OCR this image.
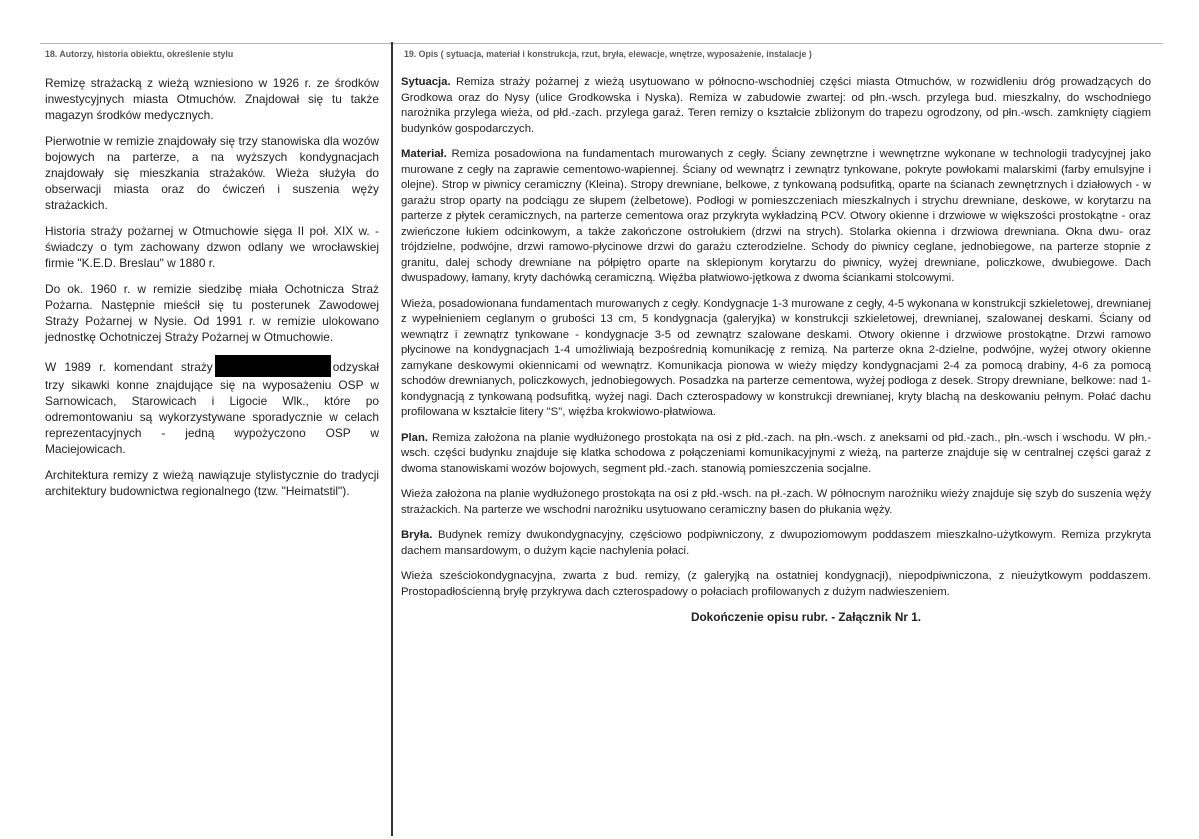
18. Autorzy, historia obiektu, określenie stylu

Remizę strażacką z wieżą wzniesiono w 1926 r. ze środków inwestycyjnych miasta Otmuchów. Znajdował się tu także magazyn środków medycznych.

Pierwotnie w remizie znajdowały się trzy stanowiska dla wozów bojowych na parterze, a na wyższych kondygnacjach znajdowały się mieszkania strażaków. Wieża służyła do obserwacji miasta oraz do ćwiczeń i suszenia węży strażackich.

Historia straży pożarnej w Otmuchowie sięga II poł. XIX w. - świadczy o tym zachowany dzwon odlany we wrocławskiej firmie "K.E.D. Breslau" w 1880 r.

Do ok. 1960 r. w remizie siedzibę miała Ochotnicza Straż Pożarna. Następnie mieścił się tu posterunek Zawodowej Straży Pożarnej w Nysie. Od 1991 r. w remizie ulokowano jednostkę Ochotniczej Straży Pożarnej w Otmuchowie.

W 1989 r. komendant straży	odzyskał trzy sikawki konne znajdujące się na wyposażeniu OSP w Sarnowicach, Starowicach i Ligocie Wlk., które po odremontowaniu są wykorzystywane sporadycznie w celach reprezentacyjnych - jedną wypożyczono OSP w Maciejowicach.

Architektura remizy z wieżą nawiązuje stylistycznie do tradycji architektury budownictwa regionalnego (tzw. "Heimatstil").

19. Opis ( sytuacja, materiał i konstrukcja, rzut, bryła, elewacje, wnętrze, wyposażenie, instalacje )

Sytuacja. Remiza straży pożarnej z wieżą usytuowano w północno-wschodniej części miasta Otmuchów, w rozwidleniu dróg prowadzących do Grodkowa oraz do Nysy (ulice Grodkowska i Nyska). Remiza w zabudowie zwartej: od płn.-wsch. przylega bud. mieszkalny, do wschodniego narożnika przylega wieża, od płd.-zach. przylega garaż. Teren remizy o kształcie zbliżonym do trapezu ogrodzony, od płn.-wsch. zamknięty ciągiem budynków gospodarczych.

Materiał. Remiza posadowiona na fundamentach murowanych z cegły. Ściany zewnętrzne i wewnętrzne wykonane w technologii tradycyjnej jako murowane z cegły na zaprawie cementowo-wapiennej. Ściany od wewnątrz i zewnątrz tynkowane, pokryte powłokami malarskimi (farby emulsyjne i olejne). Strop w piwnicy ceramiczny (Kleina). Stropy drewniane, belkowe, z tynkowaną podsufitką, oparte na ścianach zewnętrznych i działowych - w garażu strop oparty na podciągu ze słupem (żelbetowe). Podłogi w pomieszczeniach mieszkalnych i strychu drewniane, deskowe, w korytarzu na parterze z płytek ceramicznych, na parterze cementowa oraz przykryta wykładziną PCV. Otwory okienne i drzwiowe w większości prostokątne - oraz zwieńczone łukiem odcinkowym, a także zakończone ostrołukiem (drzwi na strych). Stolarka okienna i drzwiowa drewniana. Okna dwu- oraz trójdzielne, podwójne, drzwi ramowo-płycinowe drzwi do garażu czterodzielne. Schody do piwnicy ceglane, jednobiegowe, na parterze stopnie z granitu, dalej schody drewniane na półpiętro oparte na sklepionym korytarzu do piwnicy, wyżej drewniane, policzkowe, dwubiegowe. Dach dwuspadowy, łamany, kryty dachówką ceramiczną. Więźba płatwiowo-jętkowa z dwoma ściankami stolcowymi.

Wieża, posadowionana fundamentach murowanych z cegły. Kondygnacje 1-3 murowane z cegły, 4-5 wykonana w konstrukcji szkieletowej, drewnianej z wypełnieniem ceglanym o grubości 13 cm, 5 kondygnacja (galeryjka) w konstrukcji szkieletowej, drewnianej, szalowanej deskami. Ściany od wewnątrz i zewnątrz tynkowane - kondygnacje 3-5 od zewnątrz szalowane deskami. Otwory okienne i drzwiowe prostokątne. Drzwi ramowo płycinowe na kondygnacjach 1-4 umożliwiają bezpośrednią komunikację z remizą. Na parterze okna 2-dzielne, podwójne, wyżej otwory okienne zamykane deskowymi okiennicami od wewnątrz. Komunikacja pionowa w wieży między kondygnacjami 2-4 za pomocą drabiny, 4-6 za pomocą schodów drewnianych, policzkowych, jednobiegowych. Posadzka na parterze cementowa, wyżej podłoga z desek. Stropy drewniane, belkowe: nad 1-kondygnacją z tynkowaną podsufitką, wyżej nagi. Dach czterospadowy w konstrukcji drewnianej, kryty blachą na deskowaniu pełnym. Połać dachu profilowana w kształcie litery "S", więźba krokwiowo-płatwiowa.

Plan. Remiza założona na planie wydłużonego prostokąta na osi z płd.-zach. na płn.-wsch. z aneksami od płd.-zach., płn.-wsch i wschodu. W płn.-wsch. części budynku znajduje się klatka schodowa z połączeniami komunikacyjnymi z wieżą, na parterze znajduje się w centralnej części garaż z dwoma stanowiskami wozów bojowych, segment płd.-zach. stanowią pomieszczenia socjalne.

Wieża założona na planie wydłużonego prostokąta na osi z płd.-wsch. na pł.-zach. W północnym narożniku wieży znajduje się szyb do suszenia węży strażackich. Na parterze we wschodni narożniku usytuowano ceramiczny basen do płukania węży.

Bryła. Budynek remizy dwukondygnacyjny, częściowo podpiwniczony, z dwupoziomowym poddaszem mieszkalno-użytkowym. Remiza przykryta dachem mansardowym, o dużym kącie nachylenia połaci.

Wieża sześciokondygnacyjna, zwarta z bud. remizy, (z galeryjką na ostatniej kondygnacji), niepodpiwniczona, z nieużytkowym poddaszem. Prostopadłościenną bryłę przykrywa dach czterospadowy o połaciach profilowanych z dużym nadwieszeniem.

Dokończenie opisu rubr. - Załącznik Nr 1.
